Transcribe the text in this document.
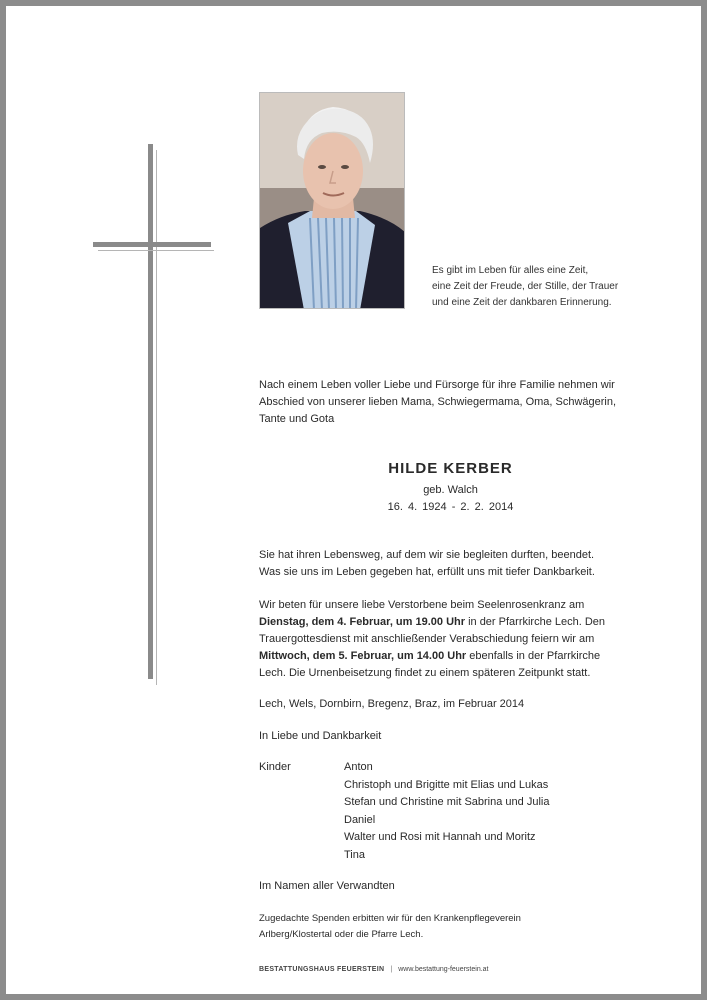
Es gibt im Leben für alles eine Zeit,
eine Zeit der Freude, der Stille, der Trauer
und eine Zeit der dankbaren Erinnerung.
Nach einem Leben voller Liebe und Fürsorge für ihre Familie nehmen wir
Abschied von unserer lieben Mama, Schwiegermama, Oma, Schwägerin,
Tante und Gota
HILDE KERBER
geb. Walch
16. 4. 1924 - 2. 2. 2014
Sie hat ihren Lebensweg, auf dem wir sie begleiten durften, beendet.
Was sie uns im Leben gegeben hat, erfüllt uns mit tiefer Dankbarkeit.
Wir beten für unsere liebe Verstorbene beim Seelenrosenkranz am
Dienstag, dem 4. Februar, um 19.00 Uhr in der Pfarrkirche Lech. Den
Trauergottesdienst mit anschließender Verabschiedung feiern wir am
Mittwoch, dem 5. Februar, um 14.00 Uhr ebenfalls in der Pfarrkirche
Lech. Die Urnenbeisetzung findet zu einem späteren Zeitpunkt statt.
Lech, Wels, Dornbirn, Bregenz, Braz, im Februar 2014
In Liebe und Dankbarkeit
Kinder	Anton
Christoph und Brigitte mit Elias und Lukas
Stefan und Christine mit Sabrina und Julia
Daniel
Walter und Rosi mit Hannah und Moritz
Tina
Im Namen aller Verwandten
Zugedachte Spenden erbitten wir für den Krankenpflegeverein
Arlberg/Klostertal oder die Pfarre Lech.
BESTATTUNGSHAUS FEUERSTEIN | www.bestattung-feuerstein.at
